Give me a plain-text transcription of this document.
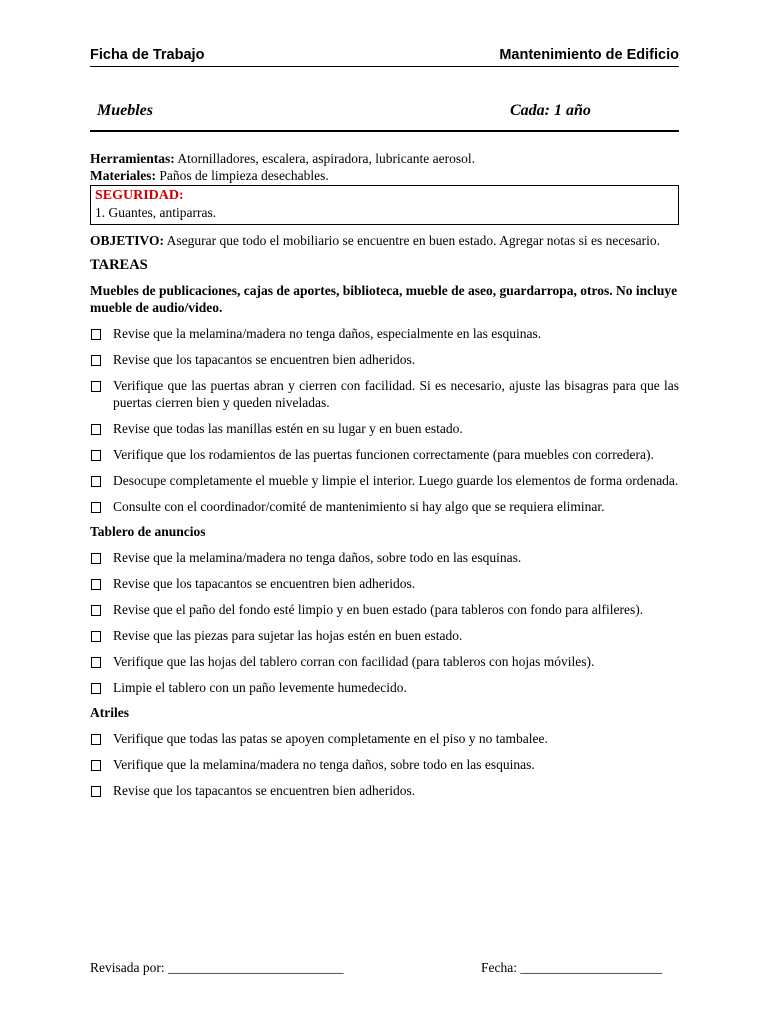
Ficha de Trabajo	Mantenimiento de Edificio
Muebles	Cada: 1 año

Herramientas: Atornilladores, escalera, aspiradora, lubricante aerosol.

Materiales: Paños de limpieza desechables.

SEGURIDAD:
1. Guantes, antiparras.

OBJETIVO: Asegurar que todo el mobiliario se encuentre en buen estado. Agregar notas si es necesario.

TAREAS
Muebles de publicaciones, cajas de aportes, biblioteca, mueble de aseo, guardarropa, otros. No incluye mueble de audio/video.
Revise que la melamina/madera no tenga daños, especialmente en las esquinas.
Revise que los tapacantos se encuentren bien adheridos.
Verifique que las puertas abran y cierren con facilidad. Si es necesario, ajuste las bisagras para que las puertas cierren bien y queden niveladas.
Revise que todas las manillas estén en su lugar y en buen estado.
Verifique que los rodamientos de las puertas funcionen correctamente (para muebles con corredera).
Desocupe completamente el mueble y limpie el interior. Luego guarde los elementos de forma ordenada.
Consulte con el coordinador/comité de mantenimiento si hay algo que se requiera eliminar.
Tablero de anuncios
Revise que la melamina/madera no tenga daños, sobre todo en las esquinas.
Revise que los tapacantos se encuentren bien adheridos.
Revise que el paño del fondo esté limpio y en buen estado (para tableros con fondo para alfileres).
Revise que las piezas para sujetar las hojas estén en buen estado.
Verifique que las hojas del tablero corran con facilidad (para tableros con hojas móviles).
Limpie el tablero con un paño levemente humedecido.
Atriles
Verifique que todas las patas se apoyen completamente en el piso y no tambalee.
Verifique que la melamina/madera no tenga daños, sobre todo en las esquinas.
Revise que los tapacantos se encuentren bien adheridos.
Revisada por: __________________________	Fecha: _____________________
